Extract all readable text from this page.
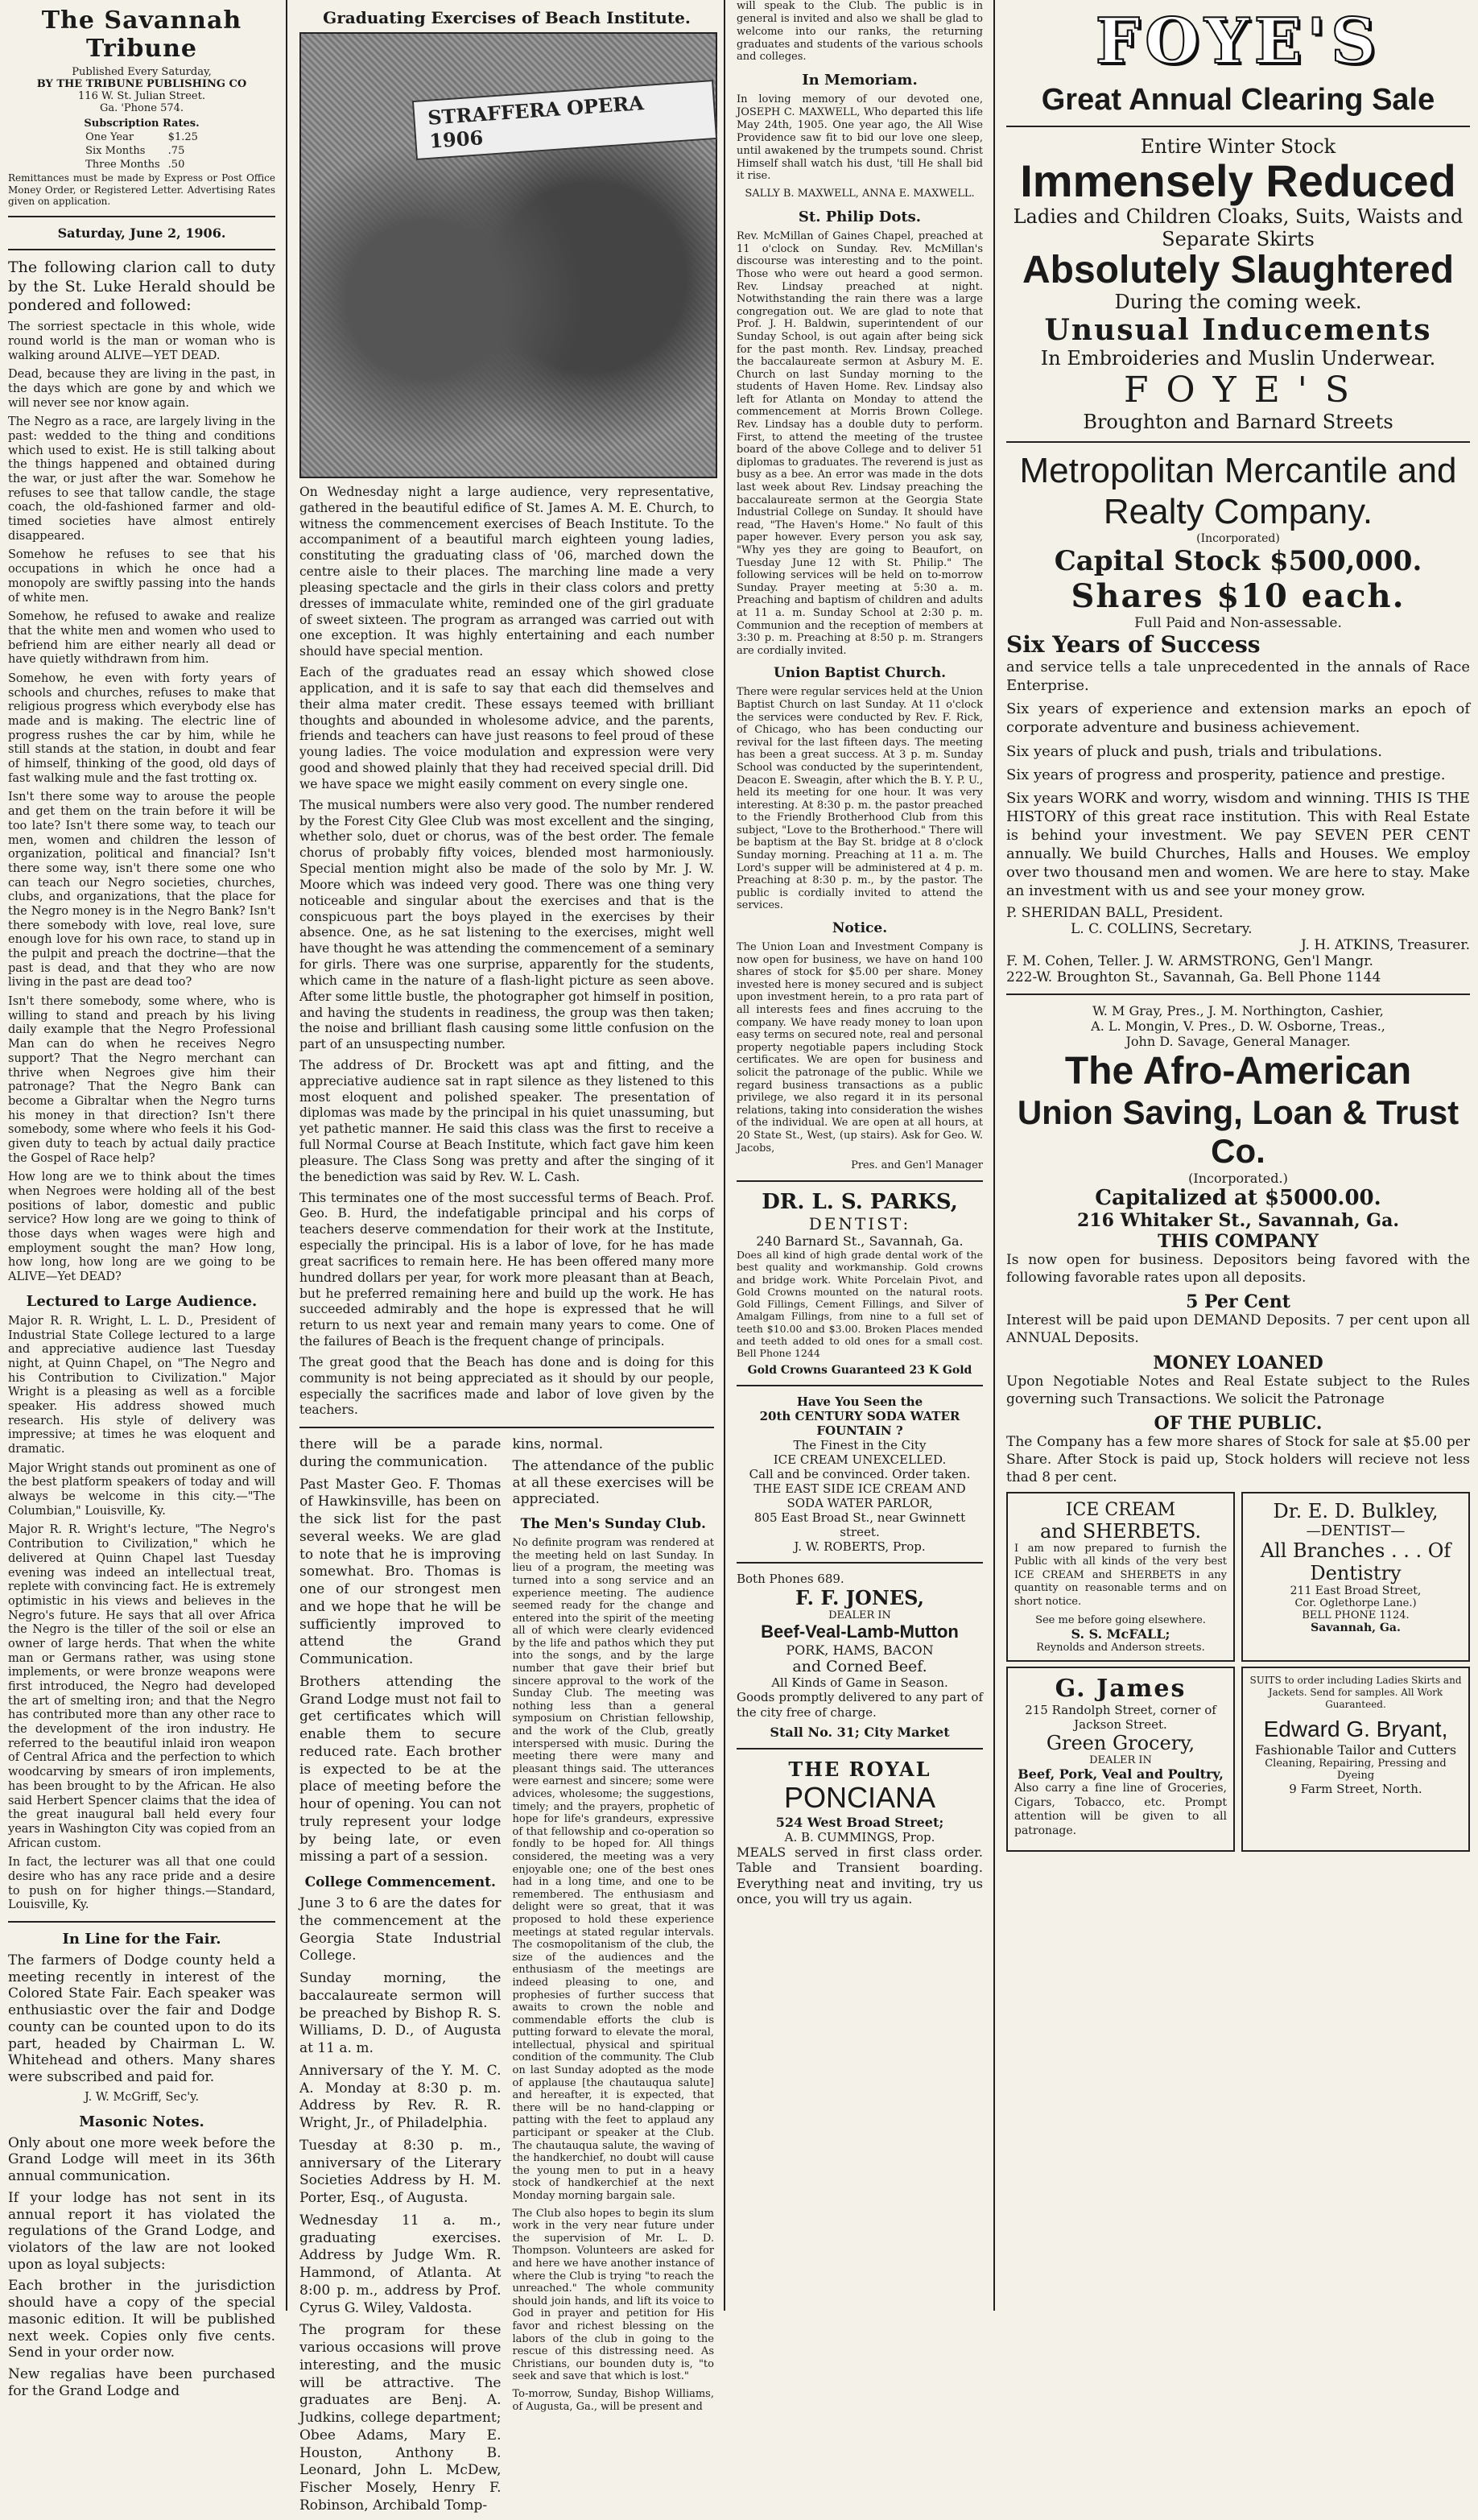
The Savannah Tribune
Published Every Saturday,
BY THE TRIBUNE PUBLISHING CO
116 W. St. Julian Street.
Ga. 'Phone 574.
Subscription Rates.
One Year	$1.25
Six Months	.75
Three Months	.50

Remittances must be made by Express or Post Office Money Order, or Registered Letter. Advertising Rates given on application.

Saturday, June 2, 1906.

The following clarion call to duty by the St. Luke Herald should be pondered and followed:

The sorriest spectacle in this whole, wide round world is the man or woman who is walking around ALIVE—YET DEAD.

Dead, because they are living in the past, in the days which are gone by and which we will never see nor know again.

The Negro as a race, are largely living in the past: wedded to the thing and conditions which used to exist. He is still talking about the things happened and obtained during the war, or just after the war. Somehow he refuses to see that tallow candle, the stage coach, the old-fashioned farmer and old-timed societies have almost entirely disappeared.

Somehow he refuses to see that his occupations in which he once had a monopoly are swiftly passing into the hands of white men.

Somehow, he refused to awake and realize that the white men and women who used to befriend him are either nearly all dead or have quietly withdrawn from him.

Somehow, he even with forty years of schools and churches, refuses to make that religious progress which everybody else has made and is making. The electric line of progress rushes the car by him, while he still stands at the station, in doubt and fear of himself, thinking of the good, old days of fast walking mule and the fast trotting ox.

Isn't there some way to arouse the people and get them on the train before it will be too late? Isn't there some way, to teach our men, women and children the lesson of organization, political and financial? Isn't there some way, isn't there some one who can teach our Negro societies, churches, clubs, and organizations, that the place for the Negro money is in the Negro Bank? Isn't there somebody with love, real love, sure enough love for his own race, to stand up in the pulpit and preach the doctrine—that the past is dead, and that they who are now living in the past are dead too?

Isn't there somebody, some where, who is willing to stand and preach by his living daily example that the Negro Professional Man can do when he receives Negro support? That the Negro merchant can thrive when Negroes give him their patronage? That the Negro Bank can become a Gibraltar when the Negro turns his money in that direction? Isn't there somebody, some where who feels it his God-given duty to teach by actual daily practice the Gospel of Race help?

How long are we to think about the times when Negroes were holding all of the best positions of labor, domestic and public service? How long are we going to think of those days when wages were high and employment sought the man? How long, how long, how long are we going to be ALIVE—Yet DEAD?

Lectured to Large Audience.

Major R. R. Wright, L. L. D., President of Industrial State College lectured to a large and appreciative audience last Tuesday night, at Quinn Chapel, on "The Negro and his Contribution to Civilization." Major Wright is a pleasing as well as a forcible speaker. His address showed much research. His style of delivery was impressive; at times he was eloquent and dramatic.

Major Wright stands out prominent as one of the best platform speakers of today and will always be welcome in this city.—"The Columbian," Louisville, Ky.

Major R. R. Wright's lecture, "The Negro's Contribution to Civilization," which he delivered at Quinn Chapel last Tuesday evening was indeed an intellectual treat, replete with convincing fact. He is extremely optimistic in his views and believes in the Negro's future. He says that all over Africa the Negro is the tiller of the soil or else an owner of large herds. That when the white man or Germans rather, was using stone implements, or were bronze weapons were first introduced, the Negro had developed the art of smelting iron; and that the Negro has contributed more than any other race to the development of the iron industry. He referred to the beautiful inlaid iron weapon of Central Africa and the perfection to which woodcarving by smears of iron implements, has been brought to by the African. He also said Herbert Spencer claims that the idea of the great inaugural ball held every four years in Washington City was copied from an African custom.

In fact, the lecturer was all that one could desire who has any race pride and a desire to push on for higher things.—Standard, Louisville, Ky.

In Line for the Fair.

The farmers of Dodge county held a meeting recently in interest of the Colored State Fair. Each speaker was enthusiastic over the fair and Dodge county can be counted upon to do its part, headed by Chairman L. W. Whitehead and others. Many shares were subscribed and paid for.

J. W. McGriff, Sec'y.

Masonic Notes.

Only about one more week before the Grand Lodge will meet in its 36th annual communication.

If your lodge has not sent in its annual report it has violated the regulations of the Grand Lodge, and violators of the law are not looked upon as loyal subjects:

Each brother in the jurisdiction should have a copy of the special masonic edition. It will be published next week. Copies only five cents. Send in your order now.

New regalias have been purchased for the Grand Lodge and

Graduating Exercises of Beach Institute.
STRAFFERA OPERA 1906

On Wednesday night a large audience, very representative, gathered in the beautiful edifice of St. James A. M. E. Church, to witness the commencement exercises of Beach Institute. To the accompaniment of a beautiful march eighteen young ladies, constituting the graduating class of '06, marched down the centre aisle to their places. The marching line made a very pleasing spectacle and the girls in their class colors and pretty dresses of immaculate white, reminded one of the girl graduate of sweet sixteen. The program as arranged was carried out with one exception. It was highly entertaining and each number should have special mention.

Each of the graduates read an essay which showed close application, and it is safe to say that each did themselves and their alma mater credit. These essays teemed with brilliant thoughts and abounded in wholesome advice, and the parents, friends and teachers can have just reasons to feel proud of these young ladies. The voice modulation and expression were very good and showed plainly that they had received special drill. Did we have space we might easily comment on every single one.

The musical numbers were also very good. The number rendered by the Forest City Glee Club was most excellent and the singing, whether solo, duet or chorus, was of the best order. The female chorus of probably fifty voices, blended most harmoniously. Special mention might also be made of the solo by Mr. J. W. Moore which was indeed very good. There was one thing very noticeable and singular about the exercises and that is the conspicuous part the boys played in the exercises by their absence. One, as he sat listening to the exercises, might well have thought he was attending the commencement of a seminary for girls. There was one surprise, apparently for the students, which came in the nature of a flash-light picture as seen above. After some little bustle, the photographer got himself in position, and having the students in readiness, the group was then taken; the noise and brilliant flash causing some little confusion on the part of an unsuspecting number.

The address of Dr. Brockett was apt and fitting, and the appreciative audience sat in rapt silence as they listened to this most eloquent and polished speaker. The presentation of diplomas was made by the principal in his quiet unassuming, but yet pathetic manner. He said this class was the first to receive a full Normal Course at Beach Institute, which fact gave him keen pleasure. The Class Song was pretty and after the singing of it the benediction was said by Rev. W. L. Cash.

This terminates one of the most successful terms of Beach. Prof. Geo. B. Hurd, the indefatigable principal and his corps of teachers deserve commendation for their work at the Institute, especially the principal. His is a labor of love, for he has made great sacrifices to remain here. He has been offered many more hundred dollars per year, for work more pleasant than at Beach, but he preferred remaining here and build up the work. He has succeeded admirably and the hope is expressed that he will return to us next year and remain many years to come. One of the failures of Beach is the frequent change of principals.

The great good that the Beach has done and is doing for this community is not being appreciated as it should by our people, especially the sacrifices made and labor of love given by the teachers.

there will be a parade during the communication.

Past Master Geo. F. Thomas of Hawkinsville, has been on the sick list for the past several weeks. We are glad to note that he is improving somewhat. Bro. Thomas is one of our strongest men and we hope that he will be sufficiently improved to attend the Grand Communication.

Brothers attending the Grand Lodge must not fail to get certificates which will enable them to secure reduced rate. Each brother is expected to be at the place of meeting before the hour of opening. You can not truly represent your lodge by being late, or even missing a part of a session.

College Commencement.

June 3 to 6 are the dates for the commencement at the Georgia State Industrial College.

Sunday morning, the baccalaureate sermon will be preached by Bishop R. S. Williams, D. D., of Augusta at 11 a. m.

Anniversary of the Y. M. C. A. Monday at 8:30 p. m. Address by Rev. R. R. Wright, Jr., of Philadelphia.

Tuesday at 8:30 p. m., anniversary of the Literary Societies Address by H. M. Porter, Esq., of Augusta.

Wednesday 11 a. m., graduating exercises. Address by Judge Wm. R. Hammond, of Atlanta. At 8:00 p. m., address by Prof. Cyrus G. Wiley, Valdosta.

The program for these various occasions will prove interesting, and the music will be attractive. The graduates are Benj. A. Judkins, college department; Obee Adams, Mary E. Houston, Anthony B. Leonard, John L. McDew, Fischer Mosely, Henry F. Robinson, Archibald Tomp-

kins, normal.

The attendance of the public at all these exercises will be appreciated.

The Men's Sunday Club.

No definite program was rendered at the meeting held on last Sunday. In lieu of a program, the meeting was turned into a song service and an experience meeting. The audience seemed ready for the change and entered into the spirit of the meeting all of which were clearly evidenced by the life and pathos which they put into the songs, and by the large number that gave their brief but sincere approval to the work of the Sunday Club. The meeting was nothing less than a general symposium on Christian fellowship, and the work of the Club, greatly interspersed with music. During the meeting there were many and pleasant things said. The utterances were earnest and sincere; some were advices, wholesome; the suggestions, timely; and the prayers, prophetic of hope for life's grandeurs, expressive of that fellowship and co-operation so fondly to be hoped for. All things considered, the meeting was a very enjoyable one; one of the best ones had in a long time, and one to be remembered. The enthusiasm and delight were so great, that it was proposed to hold these experience meetings at stated regular intervals. The cosmopolitanism of the club, the size of the audiences and the enthusiasm of the meetings are indeed pleasing to one, and prophesies of further success that awaits to crown the noble and commendable efforts the club is putting forward to elevate the moral, intellectual, physical and spiritual condition of the community. The Club on last Sunday adopted as the mode of applause [the chautauqua salute] and hereafter, it is expected, that there will be no hand-clapping or patting with the feet to applaud any participant or speaker at the Club. The chautauqua salute, the waving of the handkerchief, no doubt will cause the young men to put in a heavy stock of handkerchief at the next Monday morning bargain sale.

The Club also hopes to begin its slum work in the very near future under the supervision of Mr. L. D. Thompson. Volunteers are asked for and here we have another instance of where the Club is trying "to reach the unreached." The whole community should join hands, and lift its voice to God in prayer and petition for His favor and richest blessing on the labors of the club in going to the rescue of this distressing need. As Christians, our bounden duty is, "to seek and save that which is lost."

To-morrow, Sunday, Bishop Williams, of Augusta, Ga., will be present and

will speak to the Club. The public is in general is invited and also we shall be glad to welcome into our ranks, the returning graduates and students of the various schools and colleges.

In Memoriam.

In loving memory of our devoted one, JOSEPH C. MAXWELL, Who departed this life May 24th, 1905. One year ago, the All Wise Providence saw fit to bid our love one sleep, until awakened by the trumpets sound. Christ Himself shall watch his dust, 'till He shall bid it rise.

SALLY B. MAXWELL, ANNA E. MAXWELL.

St. Philip Dots.

Rev. McMillan of Gaines Chapel, preached at 11 o'clock on Sunday. Rev. McMillan's discourse was interesting and to the point. Those who were out heard a good sermon. Rev. Lindsay preached at night. Notwithstanding the rain there was a large congregation out. We are glad to note that Prof. J. H. Baldwin, superintendent of our Sunday School, is out again after being sick for the past month. Rev. Lindsay, preached the baccalaureate sermon at Asbury M. E. Church on last Sunday morning to the students of Haven Home. Rev. Lindsay also left for Atlanta on Monday to attend the commencement at Morris Brown College. Rev. Lindsay has a double duty to perform. First, to attend the meeting of the trustee board of the above College and to deliver 51 diplomas to graduates. The reverend is just as busy as a bee. An error was made in the dots last week about Rev. Lindsay preaching the baccalaureate sermon at the Georgia State Industrial College on Sunday. It should have read, "The Haven's Home." No fault of this paper however. Every person you ask say, "Why yes they are going to Beaufort, on Tuesday June 12 with St. Philip." The following services will be held on to-morrow Sunday. Prayer meeting at 5:30 a. m. Preaching and baptism of children and adults at 11 a. m. Sunday School at 2:30 p. m. Communion and the reception of members at 3:30 p. m. Preaching at 8:50 p. m. Strangers are cordially invited.

Union Baptist Church.

There were regular services held at the Union Baptist Church on last Sunday. At 11 o'clock the services were conducted by Rev. F. Rick, of Chicago, who has been conducting our revival for the last fifteen days. The meeting has been a great success. At 3 p. m. Sunday School was conducted by the superintendent, Deacon E. Sweagin, after which the B. Y. P. U., held its meeting for one hour. It was very interesting. At 8:30 p. m. the pastor preached to the Friendly Brotherhood Club from this subject, "Love to the Brotherhood." There will be baptism at the Bay St. bridge at 8 o'clock Sunday morning. Preaching at 11 a. m. The Lord's supper will be administered at 4 p. m. Preaching at 8:30 p. m., by the pastor. The public is cordially invited to attend the services.

Notice.

The Union Loan and Investment Company is now open for business, we have on hand 100 shares of stock for $5.00 per share. Money invested here is money secured and is subject upon investment herein, to a pro rata part of all interests fees and fines accruing to the company. We have ready money to loan upon easy terms on secured note, real and personal property negotiable papers including Stock certificates. We are open for business and solicit the patronage of the public. While we regard business transactions as a public privilege, we also regard it in its personal relations, taking into consideration the wishes of the individual. We are open at all hours, at 20 State St., West, (up stairs). Ask for Geo. W. Jacobs,

Pres. and Gen'l Manager

DR. L. S. PARKS,
DENTIST:
240 Barnard St., Savannah, Ga.

Does all kind of high grade dental work of the best quality and workmanship. Gold crowns and bridge work. White Porcelain Pivot, and Gold Crowns mounted on the natural roots. Gold Fillings, Cement Fillings, and Silver of Amalgam Fillings, from nine to a full set of teeth $10.00 and $3.00. Broken Places mended and teeth added to old ones for a small cost. Bell Phone 1244

Gold Crowns Guaranteed 23 K Gold
Have You Seen the
20th CENTURY SODA WATER FOUNTAIN ?
The Finest in the City
ICE CREAM UNEXCELLED.
Call and be convinced. Order taken.
THE EAST SIDE ICE CREAM AND SODA WATER PARLOR,
805 East Broad St., near Gwinnett street.
J. W. ROBERTS, Prop.
Both Phones 689.
F. F. JONES,
DEALER IN
Beef-Veal-Lamb-Mutton
PORK, HAMS, BACON
and Corned Beef.
All Kinds of Game in Season.

Goods promptly delivered to any part of the city free of charge.

Stall No. 31; City Market
THE ROYAL
PONCIANA
524 West Broad Street;
A. B. CUMMINGS, Prop.

MEALS served in first class order. Table and Transient boarding. Everything neat and inviting, try us once, you will try us again.

FOYE'S
Great Annual Clearing Sale
Entire Winter Stock
Immensely Reduced
Ladies and Children Cloaks, Suits, Waists and Separate Skirts
Absolutely Slaughtered
During the coming week.
Unusual Inducements
In Embroideries and Muslin Underwear.
F O Y E ' S
Broughton and Barnard Streets
Metropolitan Mercantile and Realty Company.
(Incorporated)
Capital Stock $500,000.
Shares $10 each.
Full Paid and Non-assessable.
Six Years of Success

and service tells a tale unprecedented in the annals of Race Enterprise.

Six years of experience and extension marks an epoch of corporate adventure and business achievement.

Six years of pluck and push, trials and tribulations.

Six years of progress and prosperity, patience and prestige.

Six years WORK and worry, wisdom and winning. THIS IS THE HISTORY of this great race institution. This with Real Estate is behind your investment. We pay SEVEN PER CENT annually. We build Churches, Halls and Houses. We employ over two thousand men and women. We are here to stay. Make an investment with us and see your money grow.

P. SHERIDAN BALL, President.
L. C. COLLINS, Secretary.
J. H. ATKINS, Treasurer.
F. M. Cohen, Teller. J. W. ARMSTRONG, Gen'l Mangr.
222-W. Broughton St., Savannah, Ga. Bell Phone 1144
W. M Gray, Pres., J. M. Northington, Cashier,
A. L. Mongin, V. Pres., D. W. Osborne, Treas.,
John D. Savage, General Manager.
The Afro-American
Union Saving, Loan & Trust Co.
(Incorporated.)
Capitalized at $5000.00.
216 Whitaker St., Savannah, Ga.
THIS COMPANY

Is now open for business. Depositors being favored with the following favorable rates upon all deposits.

5 Per Cent

Interest will be paid upon DEMAND Deposits. 7 per cent upon all ANNUAL Deposits.

MONEY LOANED

Upon Negotiable Notes and Real Estate subject to the Rules governing such Transactions. We solicit the Patronage

OF THE PUBLIC.

The Company has a few more shares of Stock for sale at $5.00 per Share. After Stock is paid up, Stock holders will recieve not less thad 8 per cent.

ICE CREAM
and SHERBETS.

I am now prepared to furnish the Public with all kinds of the very best ICE CREAM and SHERBETS in any quantity on reasonable terms and on short notice.

See me before going elsewhere.
S. S. McFALL;
Reynolds and Anderson streets.
Dr. E. D. Bulkley,
—DENTIST—
All Branches . . . Of Dentistry
211 East Broad Street,
Cor. Oglethorpe Lane.)
BELL PHONE 1124.
Savannah, Ga.
G. James
215 Randolph Street, corner of Jackson Street.
Green Grocery,
DEALER IN
Beef, Pork, Veal and Poultry,

Also carry a fine line of Groceries, Cigars, Tobacco, etc. Prompt attention will be given to all patronage.

SUITS to order including Ladies Skirts and Jackets. Send for samples. All Work Guaranteed.

Edward G. Bryant,
Fashionable Tailor and Cutters
Cleaning, Repairing, Pressing and Dyeing
9 Farm Street, North.
